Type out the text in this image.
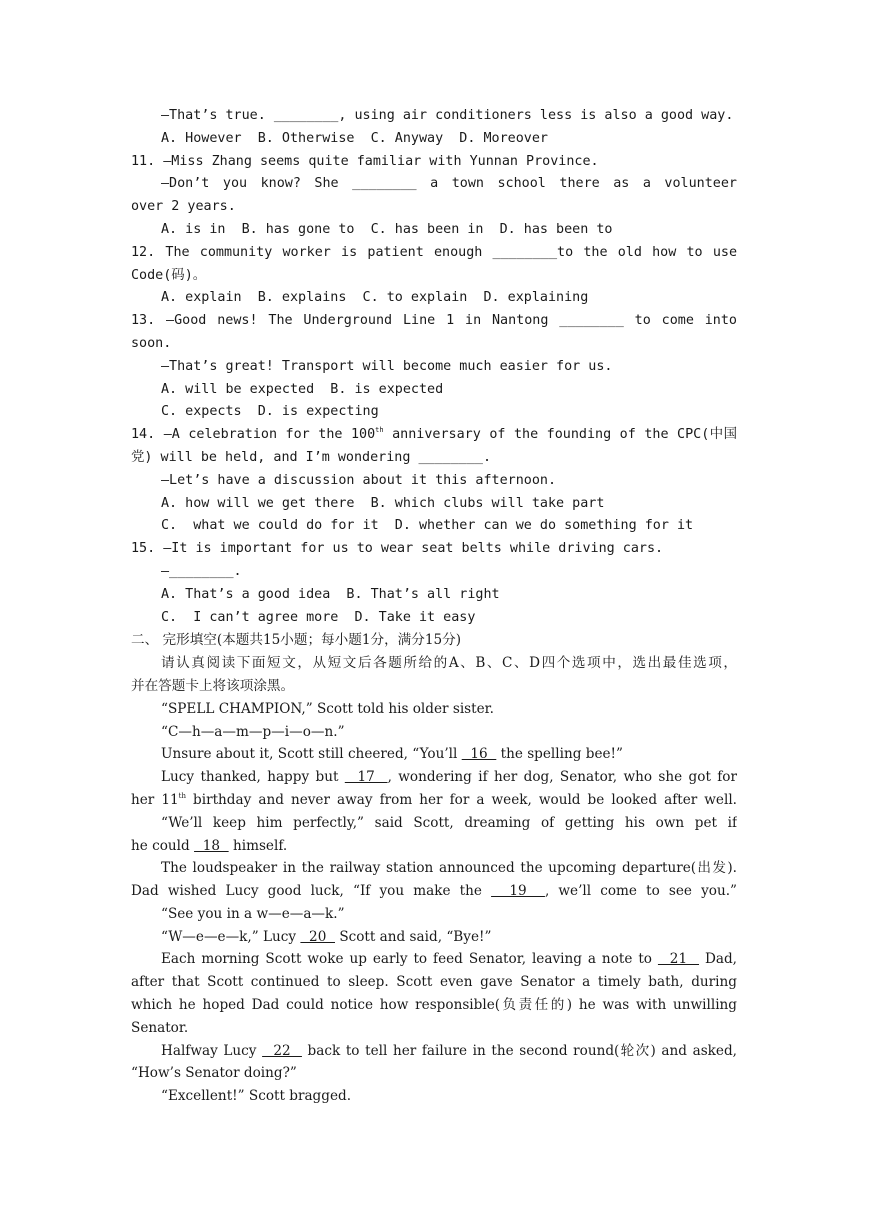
—That’s true. ________, using air conditioners less is also a good way.
A. However  B. Otherwise  C. Anyway  D. Moreover
11. —Miss Zhang seems quite familiar with Yunnan Province.
—Don’t you know? She ________ a town school there as a volunteer
over 2 years.
A. is in  B. has gone to  C. has been in  D. has been to
12. The community worker is patient enough ________to the old how to use
Code(码)。
A. explain  B. explains  C. to explain  D. explaining
13. —Good news! The Underground Line 1 in Nantong ________ to come into
soon.
—That’s great! Transport will become much easier for us.
A. will be expected  B. is expected
C. expects  D. is expecting
14. —A celebration for the 100th anniversary of the founding of the CPC(中国
党) will be held, and I’m wondering ________.
—Let’s have a discussion about it this afternoon.
A. how will we get there  B. which clubs will take part
C.  what we could do for it  D. whether can we do something for it
15. —It is important for us to wear seat belts while driving cars.
—________.
A. That’s a good idea  B. That’s all right
C.  I can’t agree more  D. Take it easy
二、 完形填空(本题共15小题；每小题1分，满分15分)
请认真阅读下面短文，从短文后各题所给的A、B、C、D四个选项中，选出最佳选项，
并在答题卡上将该项涂黑。
“SPELL CHAMPION,” Scott told his older sister.
“C—h—a—m—p—i—o—n.”
Unsure about it, Scott still cheered, “You’ll   16   the spelling bee!”
Lucy thanked, happy but   17  , wondering if her dog, Senator, who she got for
her 11th birthday and never away from her for a week, would be looked after well.
“We’ll keep him perfectly,” said Scott, dreaming of getting his own pet if
he could   18   himself.
The loudspeaker in the railway station announced the upcoming departure(出发).
Dad wished Lucy good luck, “If you make the   19  , we’ll come to see you.”
“See you in a w—e—a—k.”
“W—e—e—k,” Lucy   20   Scott and said, “Bye!”
Each morning Scott woke up early to feed Senator, leaving a note to   21   Dad,
after that Scott continued to sleep. Scott even gave Senator a timely bath, during
which he hoped Dad could notice how responsible(负责任的) he was with unwilling
Senator.
Halfway Lucy   22   back to tell her failure in the second round(轮次) and asked,
“How’s Senator doing?”
“Excellent!” Scott bragged.
